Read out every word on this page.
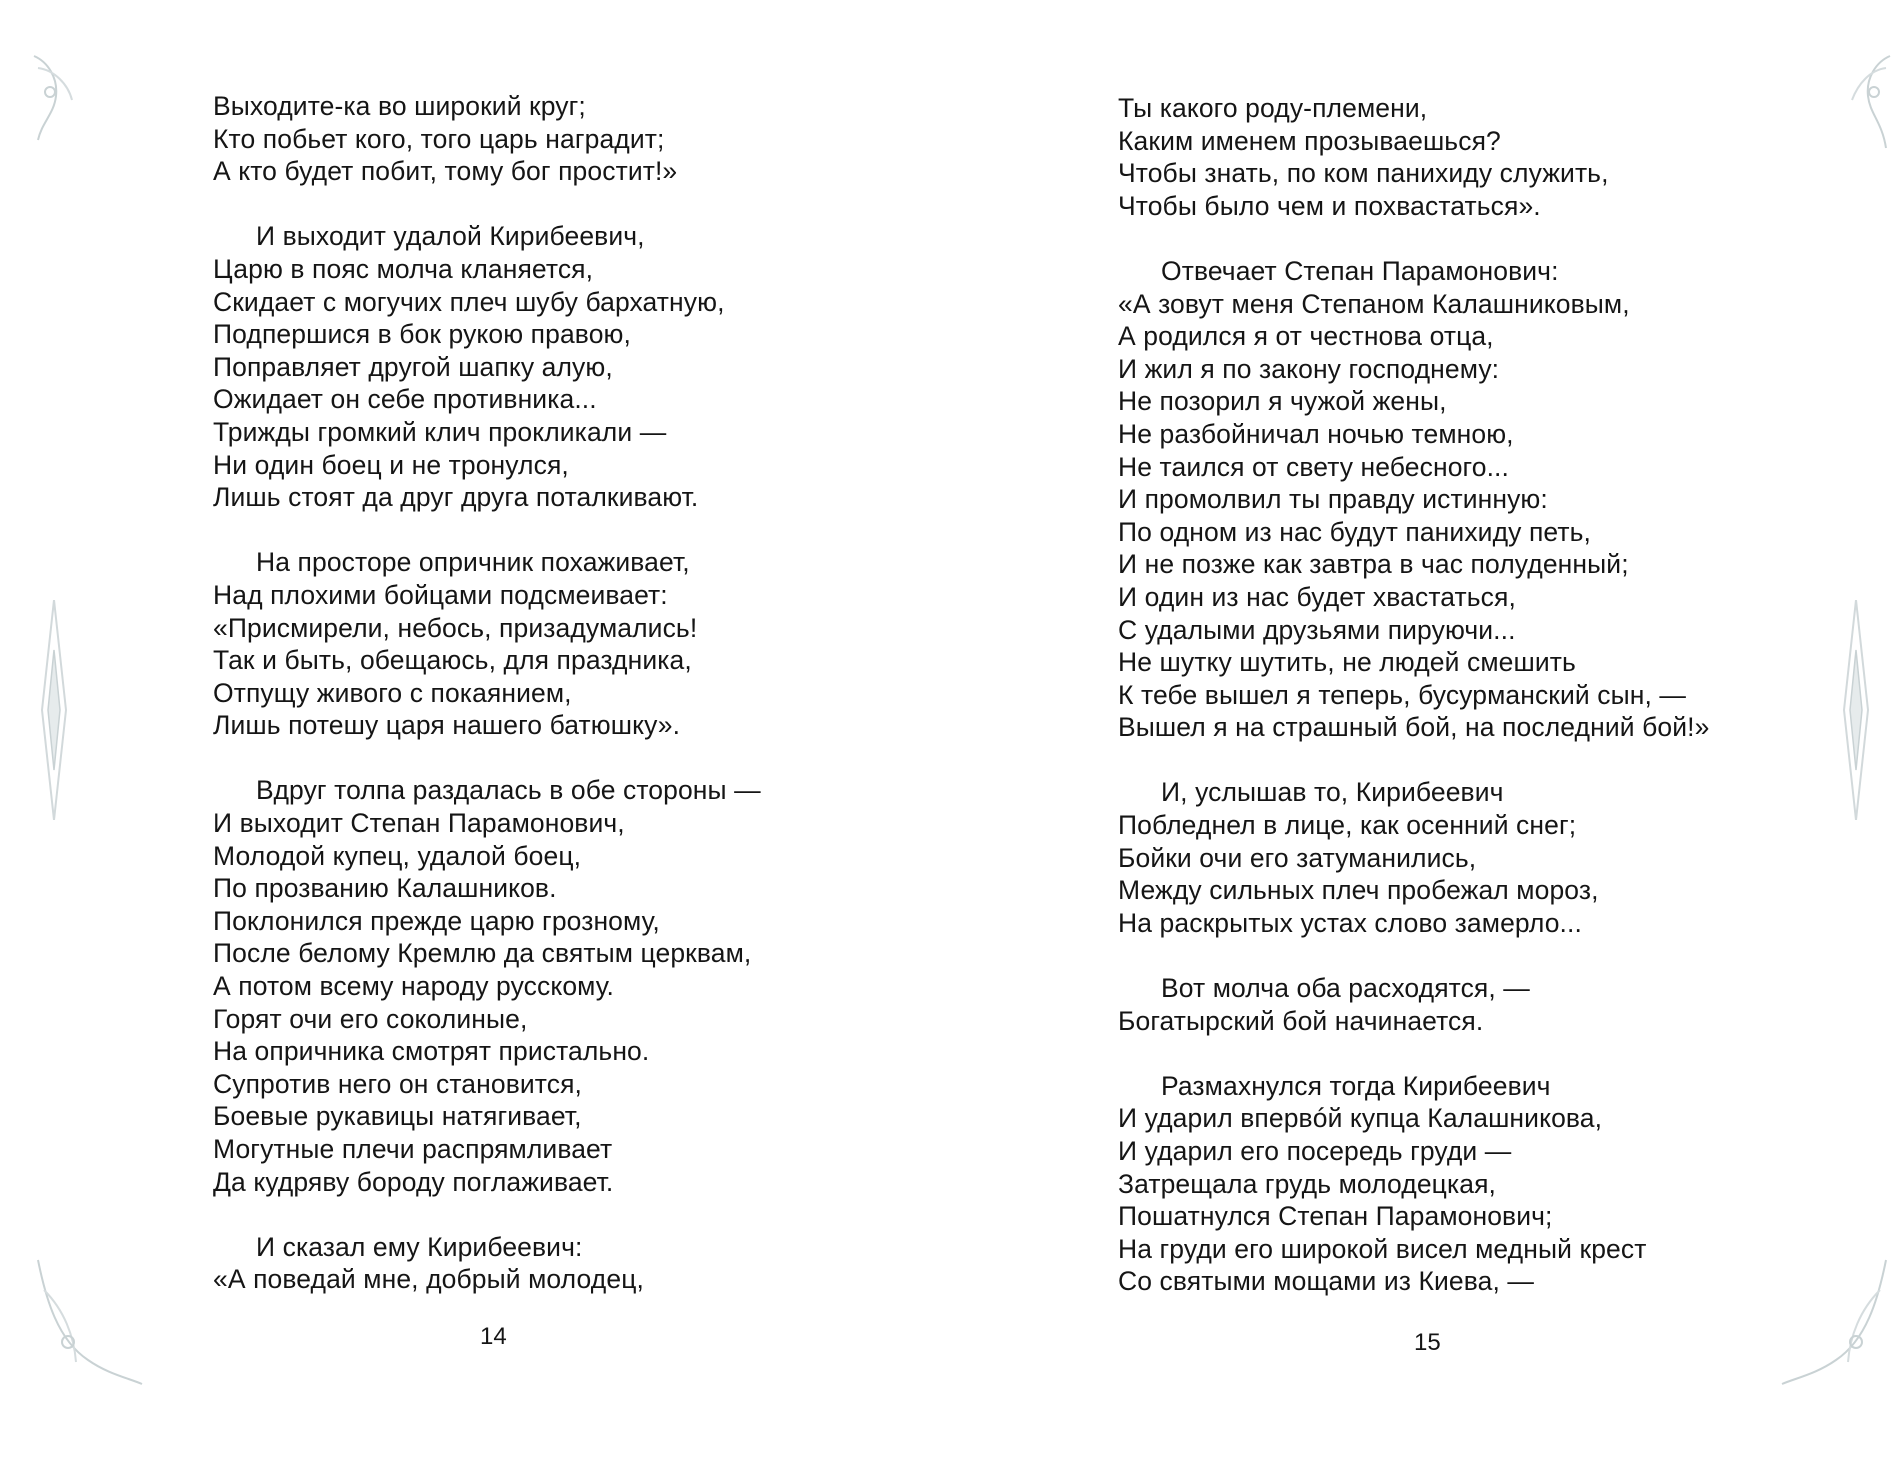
Выходите-ка во широкий круг;
Кто побьет кого, того царь наградит;
А кто будет побит, тому бог простит!»
И выходит удалой Кирибеевич,
Царю в пояс молча кланяется,
Скидает с могучих плеч шубу бархатную,
Подпершися в бок рукою правою,
Поправляет другой шапку алую,
Ожидает он себе противника...
Трижды громкий клич прокликали —
Ни один боец и не тронулся,
Лишь стоят да друг друга поталкивают.
На просторе опричник похаживает,
Над плохими бойцами подсмеивает:
«Присмирели, небось, призадумались!
Так и быть, обещаюсь, для праздника,
Отпущу живого с покаянием,
Лишь потешу царя нашего батюшку».
Вдруг толпа раздалась в обе стороны —
И выходит Степан Парамонович,
Молодой купец, удалой боец,
По прозванию Калашников.
Поклонился прежде царю грозному,
После белому Кремлю да святым церквам,
А потом всему народу русскому.
Горят очи его соколиные,
На опричника смотрят пристально.
Супротив него он становится,
Боевые рукавицы натягивает,
Могутные плечи распрямливает
Да кудряву бороду поглаживает.
И сказал ему Кирибеевич:
«А поведай мне, добрый молодец,
14
Ты какого роду-племени,
Каким именем прозываешься?
Чтобы знать, по ком панихиду служить,
Чтобы было чем и похвастаться».
Отвечает Степан Парамонович:
«А зовут меня Степаном Калашниковым,
А родился я от честнова отца,
И жил я по закону господнему:
Не позорил я чужой жены,
Не разбойничал ночью темною,
Не таился от свету небесного...
И промолвил ты правду истинную:
По одном из нас будут панихиду петь,
И не позже как завтра в час полуденный;
И один из нас будет хвастаться,
С удалыми друзьями пируючи...
Не шутку шутить, не людей смешить
К тебе вышел я теперь, бусурманский сын, —
Вышел я на страшный бой, на последний бой!»
И, услышав то, Кирибеевич
Побледнел в лице, как осенний снег;
Бойки очи его затуманились,
Между сильных плеч пробежал мороз,
На раскрытых устах слово замерло...
Вот молча оба расходятся, —
Богатырский бой начинается.
Размахнулся тогда Кирибеевич
И ударил впервóй купца Калашникова,
И ударил его посередь груди —
Затрещала грудь молодецкая,
Пошатнулся Степан Парамонович;
На груди его широкой висел медный крест
Со святыми мощами из Киева, —
15
